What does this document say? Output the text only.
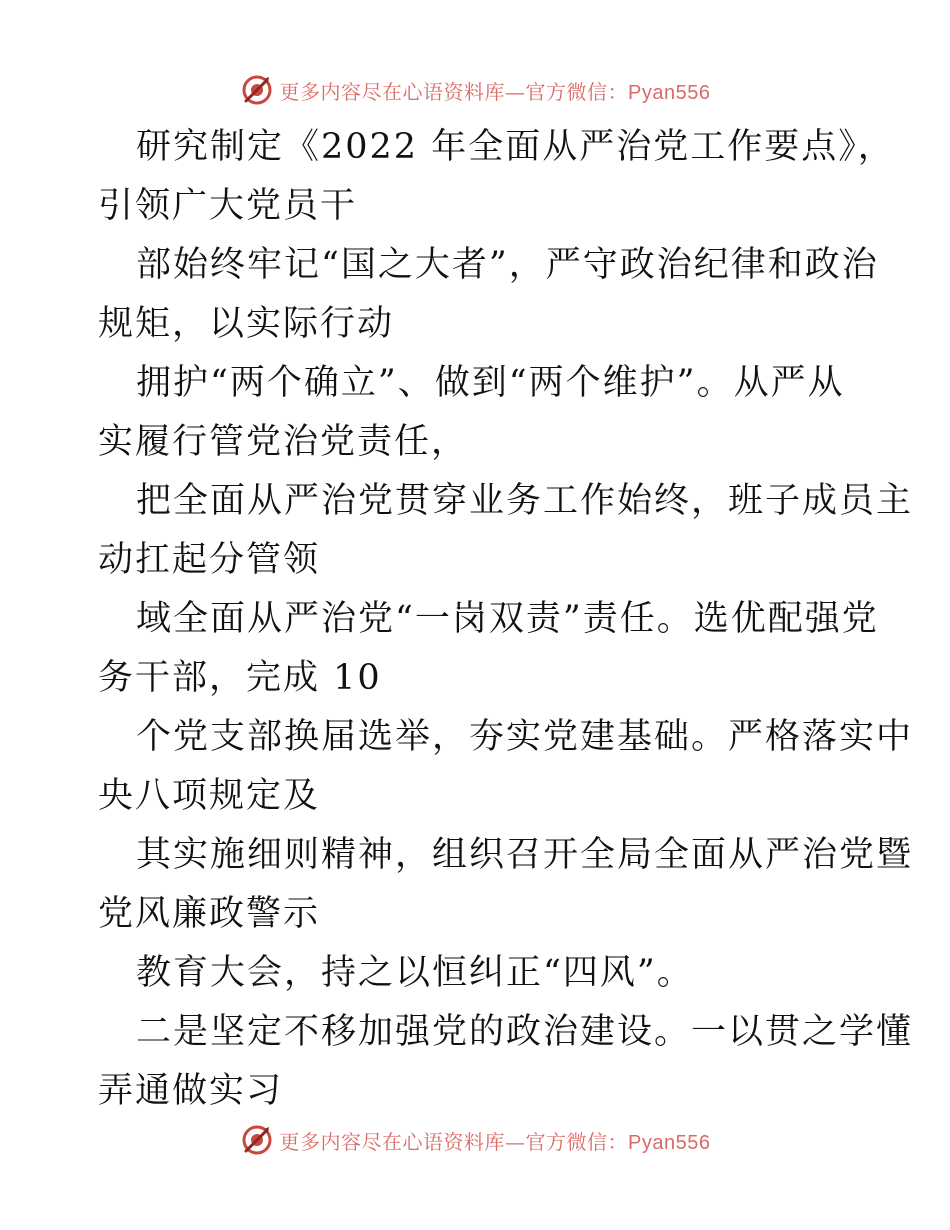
更多内容尽在心语资料库—官方微信：Pyan556
研究制定《2022 年全面从严治党工作要点》，
引领广大党员干
部始终牢记“国之大者”，严守政治纪律和政治
规矩，以实际行动
拥护“两个确立”、做到“两个维护”。从严从
实履行管党治党责任，
把全面从严治党贯穿业务工作始终，班子成员主
动扛起分管领
域全面从严治党“一岗双责”责任。选优配强党
务干部，完成 10
个党支部换届选举，夯实党建基础。严格落实中
央八项规定及
其实施细则精神，组织召开全局全面从严治党暨
党风廉政警示
教育大会，持之以恒纠正“四风”。
二是坚定不移加强党的政治建设。一以贯之学懂
弄通做实习
更多内容尽在心语资料库—官方微信：Pyan556
